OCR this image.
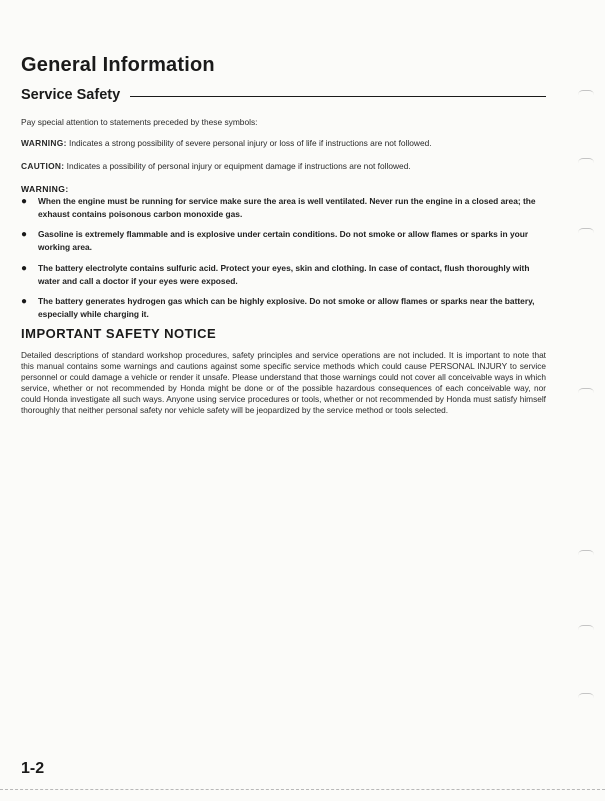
General Information
Service Safety
Pay special attention to statements preceded by these symbols:
WARNING: Indicates a strong possibility of severe personal injury or loss of life if instructions are not followed.
CAUTION: Indicates a possibility of personal injury or equipment damage if instructions are not followed.
WARNING:
●	When the engine must be running for service make sure the area is well ventilated. Never run the engine in a closed area; the exhaust contains poisonous carbon monoxide gas.
●	Gasoline is extremely flammable and is explosive under certain conditions. Do not smoke or allow flames or sparks in your working area.
●	The battery electrolyte contains sulfuric acid. Protect your eyes, skin and clothing. In case of contact, flush thoroughly with water and call a doctor if your eyes were exposed.
●	The battery generates hydrogen gas which can be highly explosive. Do not smoke or allow flames or sparks near the battery, especially while charging it.
IMPORTANT SAFETY NOTICE
Detailed descriptions of standard workshop procedures, safety principles and service operations are not included. It is important to note that this manual contains some warnings and cautions against some specific service methods which could cause PERSONAL INJURY to service personnel or could damage a vehicle or render it unsafe. Please understand that those warnings could not cover all conceivable ways in which service, whether or not recommended by Honda might be done or of the possible hazardous consequences of each conceivable way, nor could Honda investigate all such ways. Anyone using service procedures or tools, whether or not recommended by Honda must satisfy himself thoroughly that neither personal safety nor vehicle safety will be jeopardized by the service method or tools selected.
1-2
